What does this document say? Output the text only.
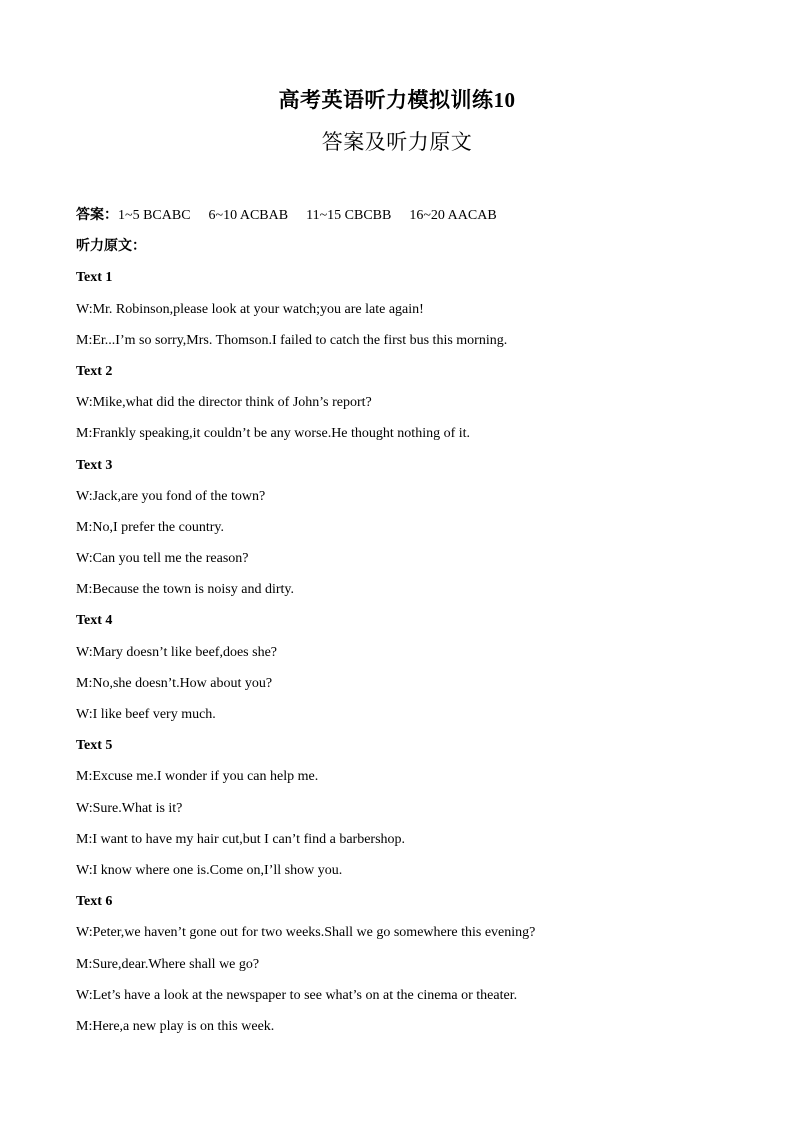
高考英语听力模拟训练10
答案及听力原文
答案：1~5 BCABC 6~10 ACBAB 11~15 CBCBB 16~20 AACAB
听力原文：
Text 1
W:Mr. Robinson,please look at your watch;you are late again!
M:Er...I’m so sorry,Mrs. Thomson.I failed to catch the first bus this morning.
Text 2
W:Mike,what did the director think of John’s report?
M:Frankly speaking,it couldn’t be any worse.He thought nothing of it.
Text 3
W:Jack,are you fond of the town?
M:No,I prefer the country.
W:Can you tell me the reason?
M:Because the town is noisy and dirty.
Text 4
W:Mary doesn’t like beef,does she?
M:No,she doesn’t.How about you?
W:I like beef very much.
Text 5
M:Excuse me.I wonder if you can help me.
W:Sure.What is it?
M:I want to have my hair cut,but I can’t find a barbershop.
W:I know where one is.Come on,I’ll show you.
Text 6
W:Peter,we haven’t gone out for two weeks.Shall we go somewhere this evening?
M:Sure,dear.Where shall we go?
W:Let’s have a look at the newspaper to see what’s on at the cinema or theater.
M:Here,a new play is on this week.
